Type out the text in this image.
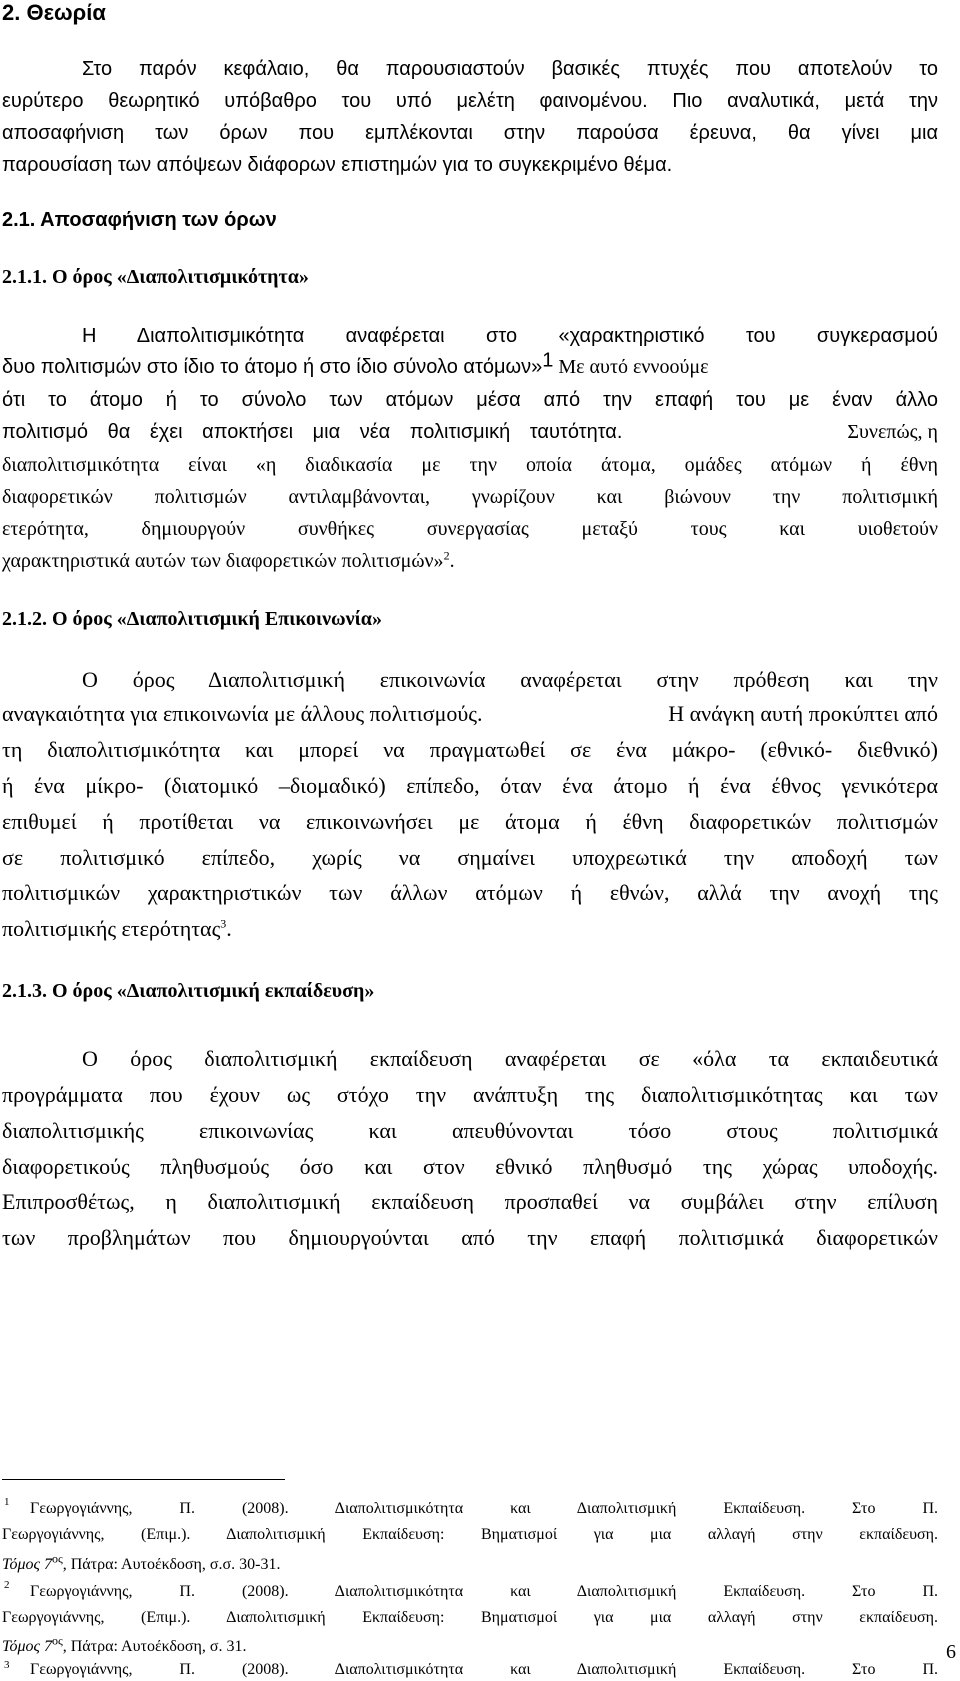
2. Θεωρία
Στο παρόν κεφάλαιο, θα παρουσιαστούν βασικές πτυχές που αποτελούν το
ευρύτερο θεωρητικό υπόβαθρο του υπό μελέτη φαινομένου. Πιο αναλυτικά, μετά την
αποσαφήνιση των όρων που εμπλέκονται στην παρούσα έρευνα, θα γίνει μια
παρουσίαση των απόψεων διάφορων επιστημών για το συγκεκριμένο θέμα.
2.1. Αποσαφήνιση των όρων
2.1.1. Ο όρος «Διαπολιτισμικότητα»
Η Διαπολιτισμικότητα αναφέρεται στο «χαρακτηριστικό του συγκερασμού
δυο πολιτισμών στο ίδιο το άτομο ή στο ίδιο σύνολο ατόμων»$^1$ Με αυτό εννοούμε
ότι το άτομο ή το σύνολο των ατόμων μέσα από την επαφή του με έναν άλλο
πολιτισμό θα έχει αποκτήσει μια νέα πολιτισμική ταυτότητα.	Συνεπώς, η
διαπολιτισμικότητα είναι «η διαδικασία με την οποία άτομα, ομάδες ατόμων ή έθνη
διαφορετικών πολιτισμών αντιλαμβάνονται, γνωρίζουν και βιώνουν την πολιτισμική
ετερότητα, δημιουργούν συνθήκες συνεργασίας μεταξύ τους και υιοθετούν
χαρακτηριστικά αυτών των διαφορετικών πολιτισμών»$^2$.
2.1.2. Ο όρος «Διαπολιτισμική Επικοινωνία»
Ο όρος Διαπολιτισμική επικοινωνία αναφέρεται στην πρόθεση και την
αναγκαιότητα για επικοινωνία με άλλους πολιτισμούς.	Η ανάγκη αυτή προκύπτει από
τη διαπολιτισμικότητα και μπορεί να πραγματωθεί σε ένα μάκρο- (εθνικό- διεθνικό)
ή ένα μίκρο- (διατομικό –διομαδικό) επίπεδο, όταν ένα άτομο ή ένα έθνος γενικότερα
επιθυμεί ή προτίθεται να επικοινωνήσει με άτομα ή έθνη διαφορετικών πολιτισμών
σε πολιτισμικό επίπεδο, χωρίς να σημαίνει υποχρεωτικά την αποδοχή των
πολιτισμικών χαρακτηριστικών των άλλων ατόμων ή εθνών, αλλά την ανοχή της
πολιτισμικής ετερότητας$^3$.
2.1.3. Ο όρος «Διαπολιτισμική εκπαίδευση»
Ο όρος διαπολιτισμική εκπαίδευση αναφέρεται σε «όλα τα εκπαιδευτικά
προγράμματα που έχουν ως στόχο την ανάπτυξη της διαπολιτισμικότητας και των
διαπολιτισμικής επικοινωνίας και απευθύνονται τόσο στους πολιτισμικά
διαφορετικούς πληθυσμούς όσο και στον εθνικό πληθυσμό της χώρας υποδοχής.
Επιπροσθέτως, η διαπολιτισμική εκπαίδευση προσπαθεί να συμβάλει στην επίλυση
των προβλημάτων που δημιουργούνται από την επαφή πολιτισμικά διαφορετικών
1 Γεωργογιάννης, Π. (2008). Διαπολιτισμικότητα και Διαπολιτισμική Εκπαίδευση. Στο Π.
Γεωργογιάννης, (Επιμ.). Διαπολιτισμική Εκπαίδευση: Βηματισμοί για μια αλλαγή στην εκπαίδευση.
Τόμος $7^{o\varsigma}$, Πάτρα: Αυτοέκδοση, σ.σ. 30-31.
2 Γεωργογιάννης, Π. (2008). Διαπολιτισμικότητα και Διαπολιτισμική Εκπαίδευση. Στο Π.
Γεωργογιάννης, (Επιμ.). Διαπολιτισμική Εκπαίδευση: Βηματισμοί για μια αλλαγή στην εκπαίδευση.
Τόμος $7^{o\varsigma}$, Πάτρα: Αυτοέκδοση, σ. 31.
3 Γεωργογιάννης, Π. (2008). Διαπολιτισμικότητα και Διαπολιτισμική Εκπαίδευση. Στο Π.
6
